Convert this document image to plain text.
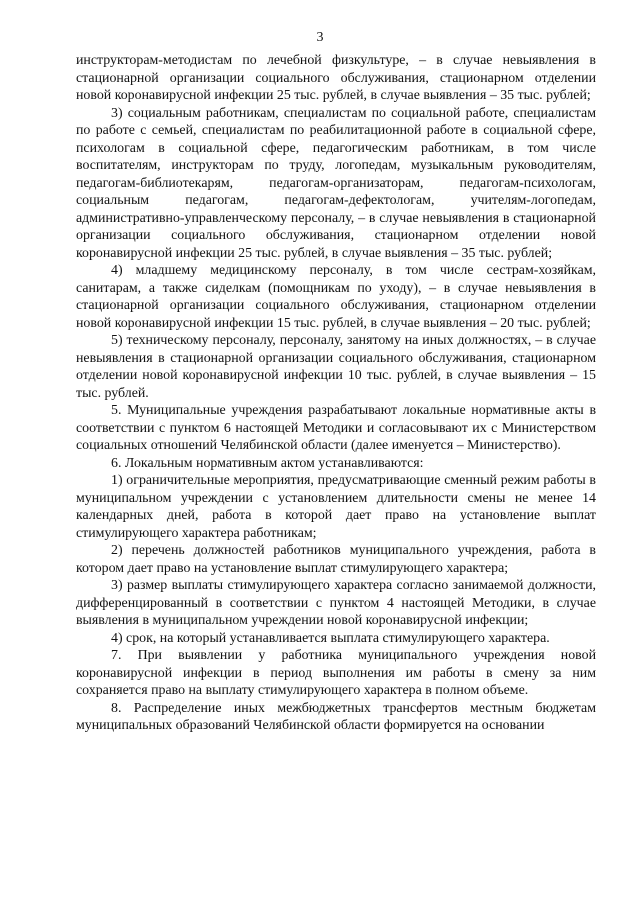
3

инструкторам-методистам по лечебной физкультуре, – в случае невыявления в стационарной организации социального обслуживания, стационарном отделении новой коронавирусной инфекции 25 тыс. рублей, в случае выявления – 35 тыс. рублей;

3) социальным работникам, специалистам по социальной работе, специалистам по работе с семьей, специалистам по реабилитационной работе в социальной сфере, психологам в социальной сфере, педагогическим работникам, в том числе воспитателям, инструкторам по труду, логопедам, музыкальным руководителям, педагогам-библиотекарям, педагогам-организаторам, педагогам-психологам, социальным педагогам, педагогам-дефектологам, учителям-логопедам, административно-управленческому персоналу, – в случае невыявления в стационарной организации социального обслуживания, стационарном отделении новой коронавирусной инфекции 25 тыс. рублей, в случае выявления – 35 тыс. рублей;

4) младшему медицинскому персоналу, в том числе сестрам-хозяйкам, санитарам, а также сиделкам (помощникам по уходу), – в случае невыявления в стационарной организации социального обслуживания, стационарном отделении новой коронавирусной инфекции 15 тыс. рублей, в случае выявления – 20 тыс. рублей;

5) техническому персоналу, персоналу, занятому на иных должностях, – в случае невыявления в стационарной организации социального обслуживания, стационарном отделении новой коронавирусной инфекции 10 тыс. рублей, в случае выявления – 15 тыс. рублей.

5. Муниципальные учреждения разрабатывают локальные нормативные акты в соответствии с пунктом 6 настоящей Методики и согласовывают их с Министерством социальных отношений Челябинской области (далее именуется – Министерство).

6. Локальным нормативным актом устанавливаются:

1) ограничительные мероприятия, предусматривающие сменный режим работы в муниципальном учреждении с установлением длительности смены не менее 14 календарных дней, работа в которой дает право на установление выплат стимулирующего характера работникам;

2) перечень должностей работников муниципального учреждения, работа в котором дает право на установление выплат стимулирующего характера;

3) размер выплаты стимулирующего характера согласно занимаемой должности, дифференцированный в соответствии с пунктом 4 настоящей Методики, в случае выявления в муниципальном учреждении новой коронавирусной инфекции;

4) срок, на который устанавливается выплата стимулирующего характера.

7. При выявлении у работника муниципального учреждения новой коронавирусной инфекции в период выполнения им работы в смену за ним сохраняется право на выплату стимулирующего характера в полном объеме.

8. Распределение иных межбюджетных трансфертов местным бюджетам муниципальных образований Челябинской области формируется на основании
